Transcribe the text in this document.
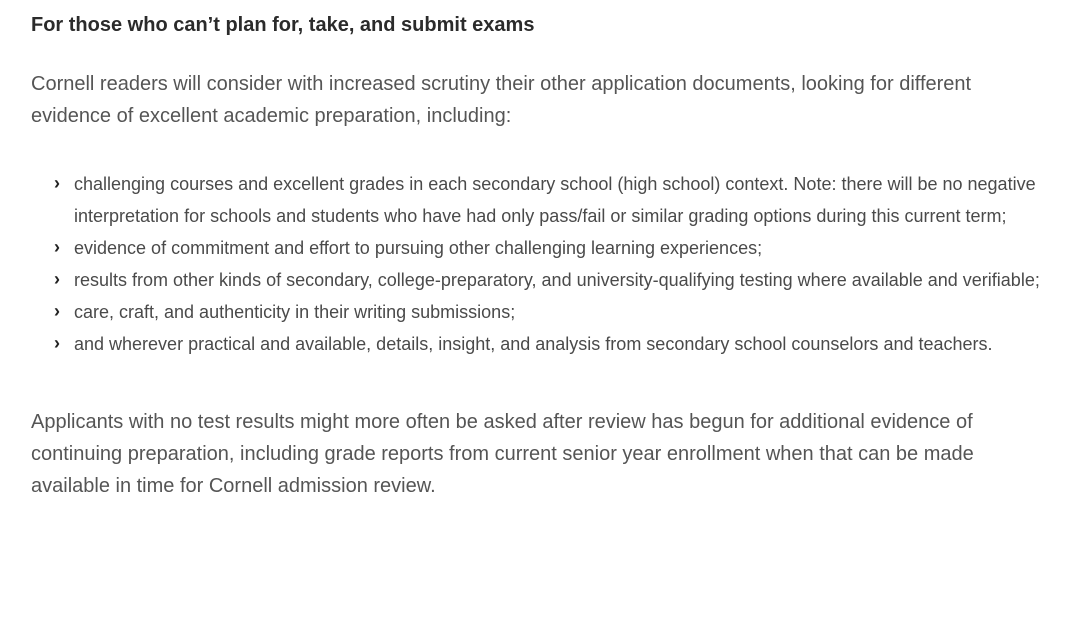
For those who can’t plan for, take, and submit exams

Cornell readers will consider with increased scrutiny their other application documents, looking for different evidence of excellent academic preparation, including:

› challenging courses and excellent grades in each secondary school (high school) context. Note: there will be no negative interpretation for schools and students who have had only pass/fail or similar grading options during this current term;
› evidence of commitment and effort to pursuing other challenging learning experiences;
› results from other kinds of secondary, college-preparatory, and university-qualifying testing where available and verifiable;
› care, craft, and authenticity in their writing submissions;
› and wherever practical and available, details, insight, and analysis from secondary school counselors and teachers.

Applicants with no test results might more often be asked after review has begun for additional evidence of continuing preparation, including grade reports from current senior year enrollment when that can be made available in time for Cornell admission review.
